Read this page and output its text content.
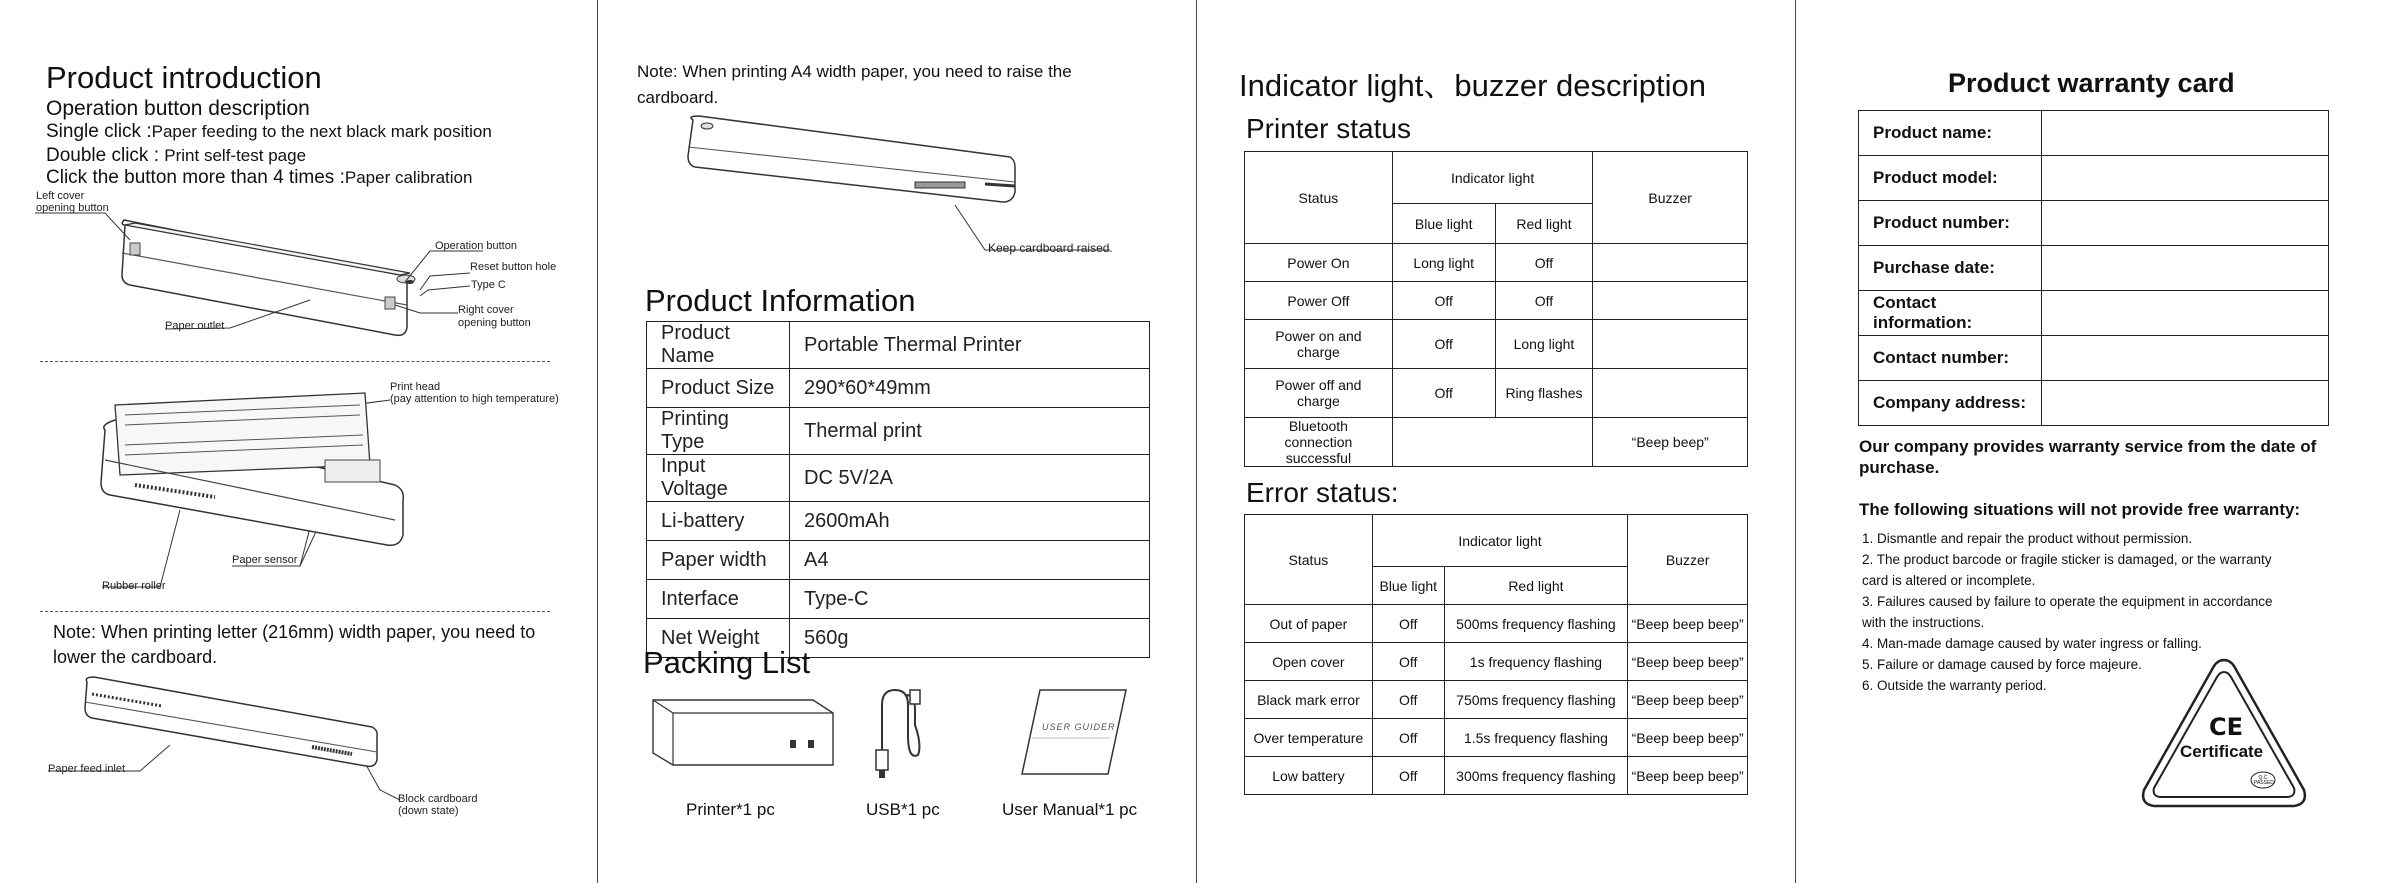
Product introduction
Operation button description
Single click :Paper feeding to the next black mark position
Double click : Print self-test page
Click the button more than 4 times :Paper calibration
Left cover
opening button
Operation button
Reset button hole
Type C
Right cover
opening button
Paper outlet
Print head
(pay attention to high temperature)
Paper sensor
Rubber roller
Note: When printing letter (216mm) width paper, you need to
lower the cardboard.
Paper feed inlet
Block cardboard
(down state)
Note: When printing A4 width paper, you need to raise the
cardboard.
Keep cardboard raised.
Product Information
Product Name	Portable Thermal Printer
Product Size	290*60*49mm
Printing Type	Thermal print
Input Voltage	DC 5V/2A
Li-battery	2600mAh
Paper width	A4
Interface	Type-C
Net Weight	560g
Packing List
USER GUIDER
Printer*1 pc	USB*1 pc	User Manual*1 pc
Indicator light、buzzer description
Printer status
Status	Indicator light		Buzzer
	Blue light	Red light	
Power On	Long light	Off	
Power Off	Off	Off	
Power on and charge	Off	Long light	
Power off and charge	Off	Ring flashes	
Bluetooth connection successful			“Beep beep”
Error status:
Status	Indicator light		Buzzer
	Blue light	Red light	
Out of paper	Off	500ms frequency flashing	“Beep beep beep”
Open cover	Off	1s frequency flashing	“Beep beep beep”
Black mark error	Off	750ms frequency flashing	“Beep beep beep”
Over temperature	Off	1.5s frequency flashing	“Beep beep beep”
Low battery	Off	300ms frequency flashing	“Beep beep beep”
Product warranty card
Product name:	
Product model:	
Product number:	
Purchase date:	
Contact information:	
Contact number:	
Company address:	
Our company provides warranty service from the date of purchase.
The following situations will not provide free warranty:
1. Dismantle and repair the product without permission.
2. The product barcode or fragile sticker is damaged, or the warranty
card is altered or incomplete.
3. Failures caused by failure to operate the equipment in accordance
with the instructions.
4. Man-made damage caused by water ingress or falling.
5. Failure or damage caused by force majeure.
6. Outside the warranty period.
CE
Certificate
Q.C PASSED
